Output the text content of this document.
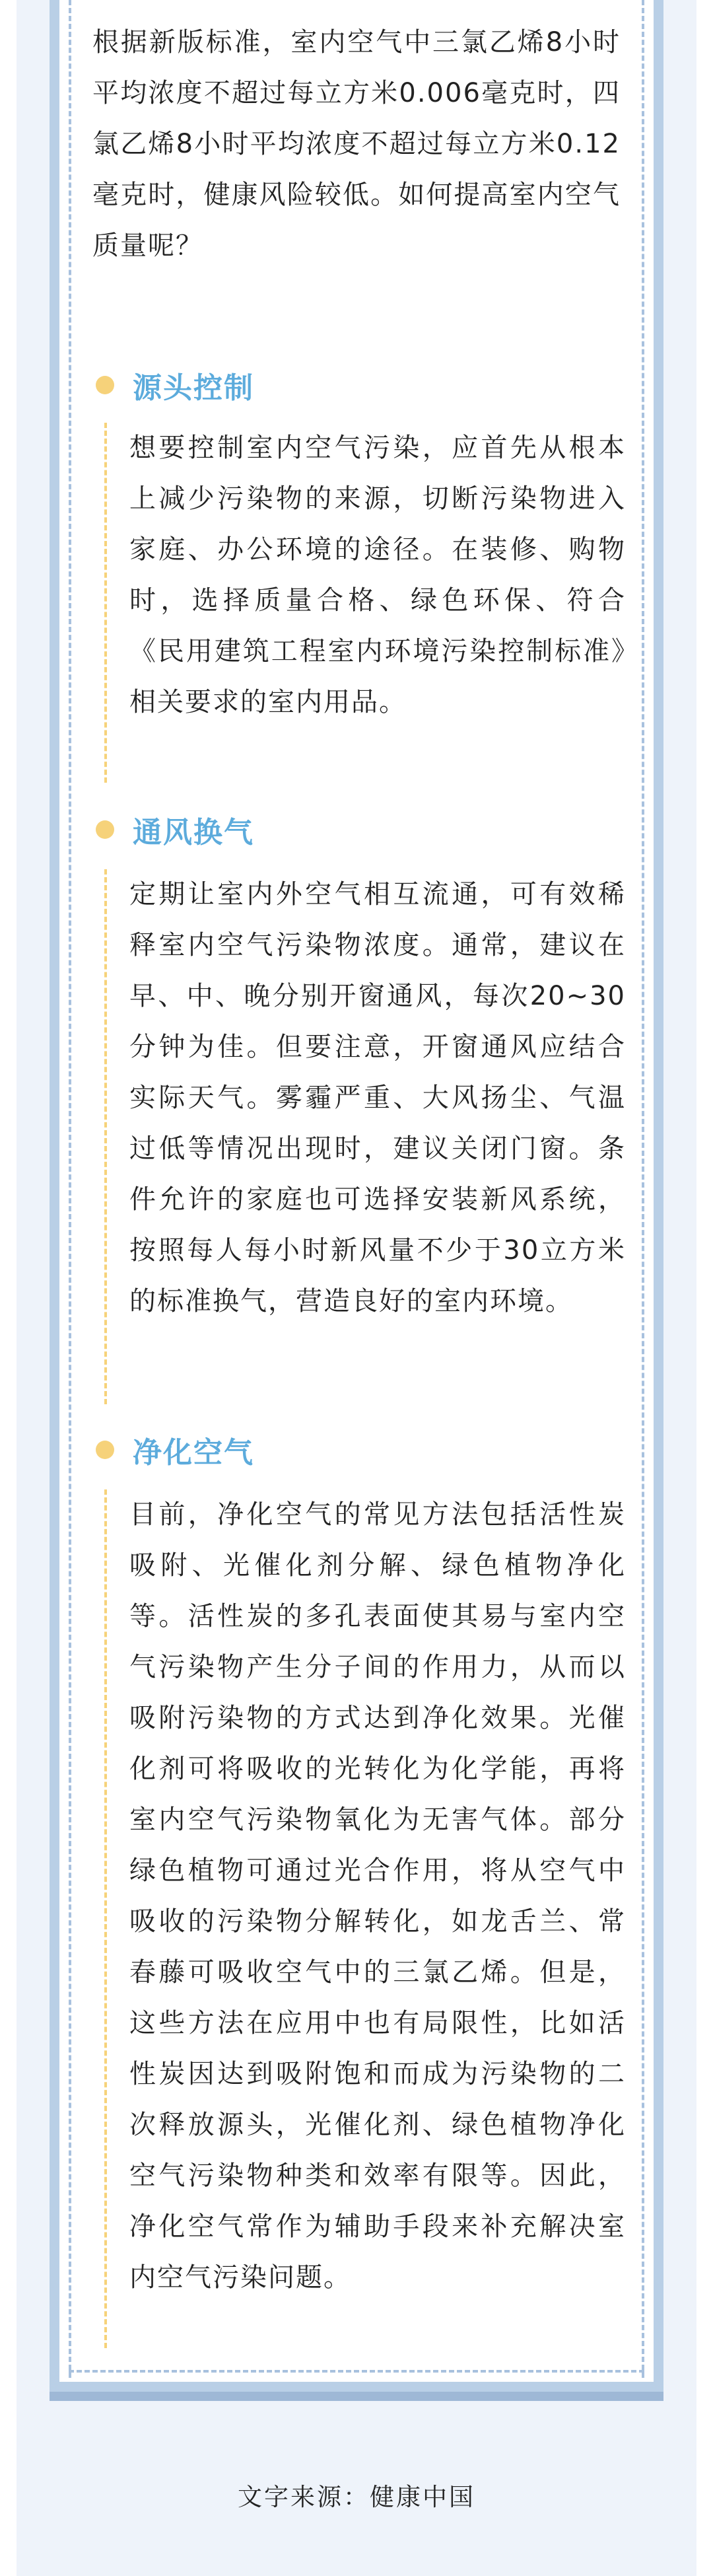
根据新版标准，室内空气中三氯乙烯8小时平均浓度不超过每立方米0.006毫克时，四氯乙烯8小时平均浓度不超过每立方米0.12毫克时，健康风险较低。如何提高室内空气质量呢？

源头控制

想要控制室内空气污染，应首先从根本上减少污染物的来源，切断污染物进入家庭、办公环境的途径。在装修、购物时，选择质量合格、绿色环保、符合《民用建筑工程室内环境污染控制标准》相关要求的室内用品。

通风换气

定期让室内外空气相互流通，可有效稀释室内空气污染物浓度。通常，建议在早、中、晚分别开窗通风，每次20~30分钟为佳。但要注意，开窗通风应结合实际天气。雾霾严重、大风扬尘、气温过低等情况出现时，建议关闭门窗。条件允许的家庭也可选择安装新风系统，按照每人每小时新风量不少于30立方米的标准换气，营造良好的室内环境。

净化空气

目前，净化空气的常见方法包括活性炭吸附、光催化剂分解、绿色植物净化等。活性炭的多孔表面使其易与室内空气污染物产生分子间的作用力，从而以吸附污染物的方式达到净化效果。光催化剂可将吸收的光转化为化学能，再将室内空气污染物氧化为无害气体。部分绿色植物可通过光合作用，将从空气中吸收的污染物分解转化，如龙舌兰、常春藤可吸收空气中的三氯乙烯。但是，这些方法在应用中也有局限性，比如活性炭因达到吸附饱和而成为污染物的二次释放源头，光催化剂、绿色植物净化空气污染物种类和效率有限等。因此，净化空气常作为辅助手段来补充解决室内空气污染问题。

文字来源：健康中国
